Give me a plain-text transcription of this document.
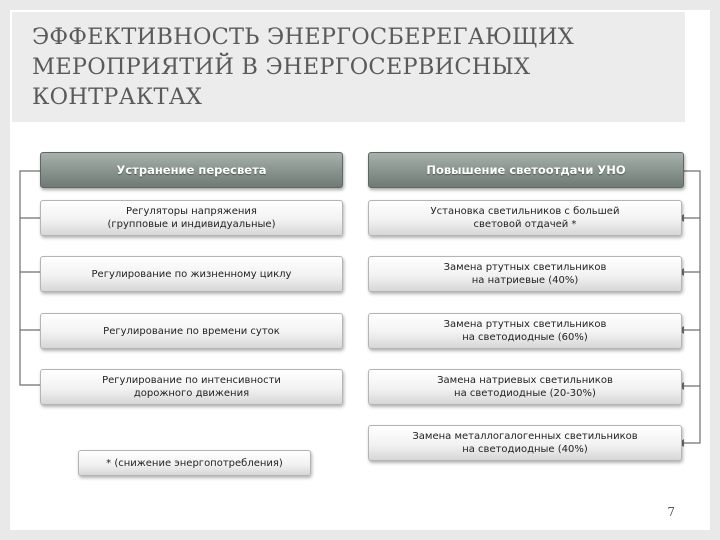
ЭФФЕКТИВНОСТЬ ЭНЕРГОСБЕРЕГАЮЩИХ МЕРОПРИЯТИЙ В ЭНЕРГОСЕРВИСНЫХ КОНТРАКТАХ
Устранение пересвета
Регуляторы напряжения
(групповые и индивидуальные)
Регулирование по жизненному циклу
Регулирование по времени суток
Регулирование по интенсивности
дорожного движения
* (снижение энергопотребления)
Повышение светоотдачи УНО
Установка светильников с большей
световой отдачей *
Замена ртутных светильников
на натриевые (40%)
Замена ртутных светильников
на светодиодные (60%)
Замена натриевых светильников
на светодиодные (20-30%)
Замена металлогалогенных светильников
на светодиодные (40%)
7
